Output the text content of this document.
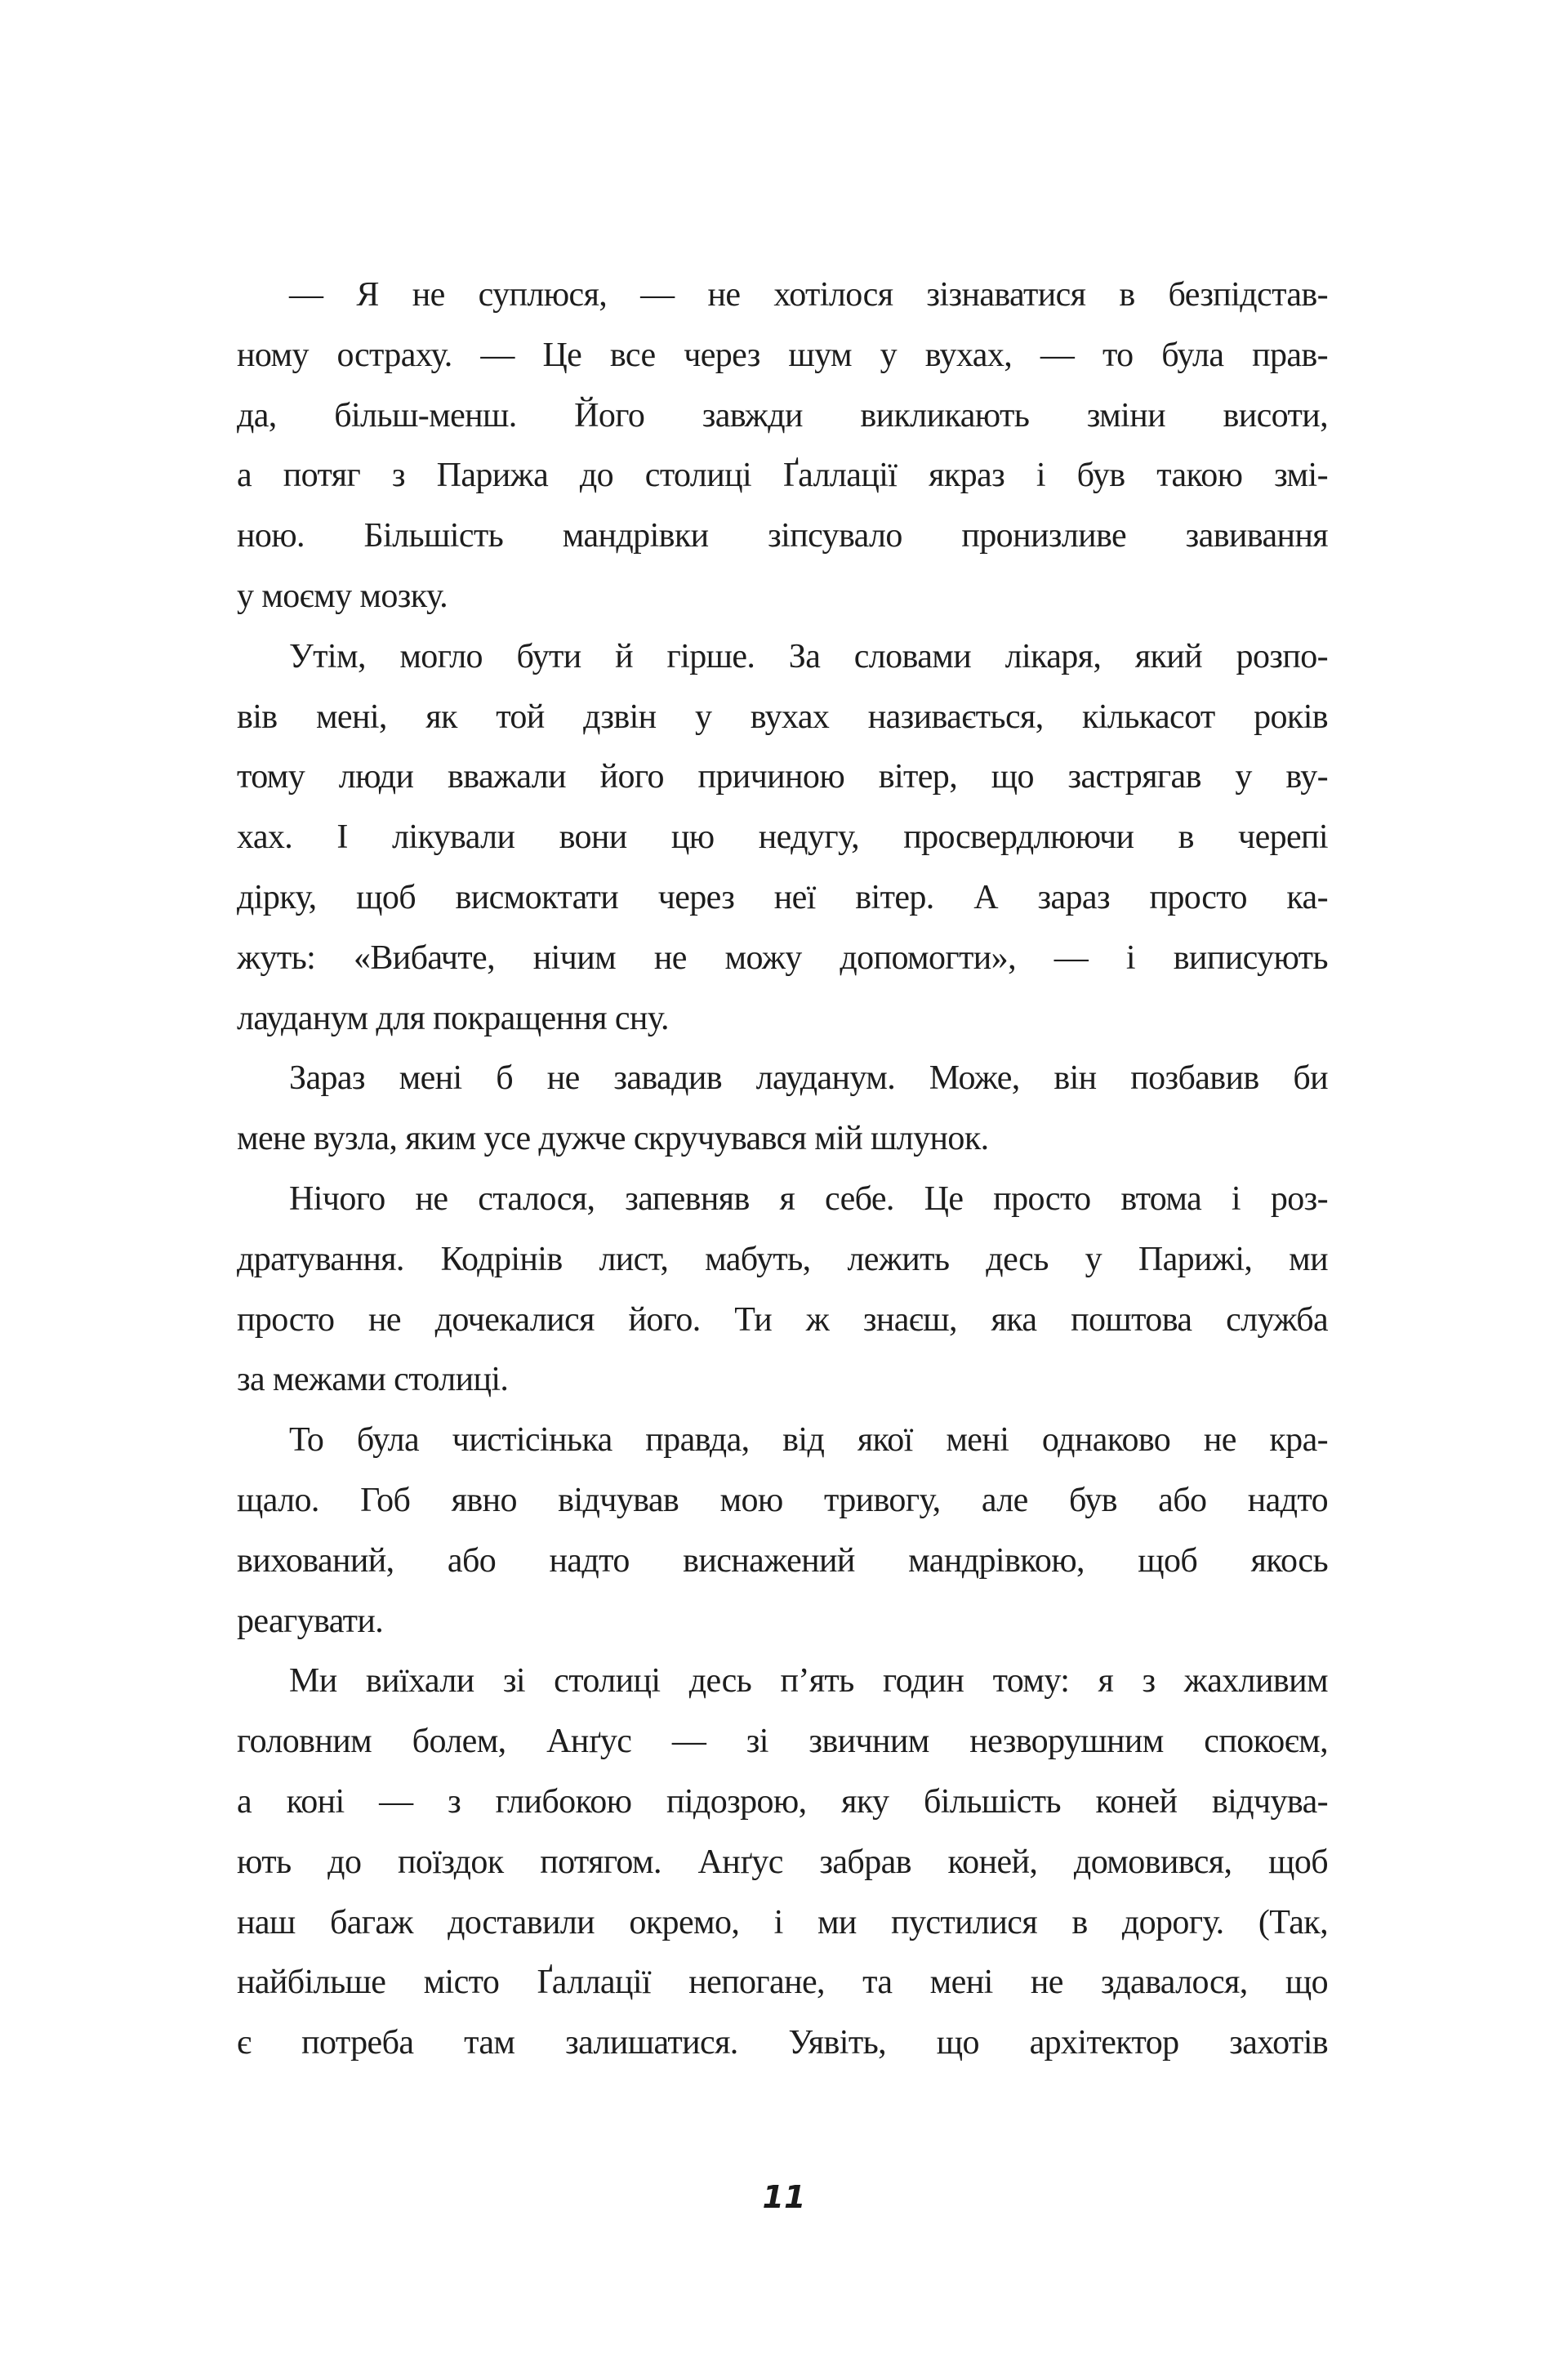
— Я не суплюся, — не хотілося зізнаватися в безпідстав-
ному остраху. — Це все через шум у вухах, — то була прав-
да, більш-менш. Його завжди викликають зміни висоти,
а потяг з Парижа до столиці Ґаллації якраз і був такою змі-
ною. Більшість мандрівки зіпсувало пронизливе завивання
у моєму мозку.
Утім, могло бути й гірше. За словами лікаря, який розпо-
вів мені, як той дзвін у вухах називається, кількасот років
тому люди вважали його причиною вітер, що застрягав у ву-
хах. І лікували вони цю недугу, просвердлюючи в черепі
дірку, щоб висмоктати через неї вітер. А зараз просто ка-
жуть: «Вибачте, нічим не можу допомогти», — і виписують
лауданум для покращення сну.
Зараз мені б не завадив лауданум. Може, він позбавив би
мене вузла, яким усе дужче скручувався мій шлунок.
Нічого не сталося, запевняв я себе. Це просто втома і роз-
дратування. Кодрінів лист, мабуть, лежить десь у Парижі, ми
просто не дочекалися його. Ти ж знаєш, яка поштова служба
за межами столиці.
То була чистісінька правда, від якої мені однаково не кра-
щало. Гоб явно відчував мою тривогу, але був або надто
вихований, або надто виснажений мандрівкою, щоб якось
реагувати.
Ми виїхали зі столиці десь п’ять годин тому: я з жахливим
головним болем, Анґус — зі звичним незворушним спокоєм,
а коні — з глибокою підозрою, яку більшість коней відчува-
ють до поїздок потягом. Анґус забрав коней, домовився, щоб
наш багаж доставили окремо, і ми пустилися в дорогу. (Так,
найбільше місто Ґаллації непогане, та мені не здавалося, що
є потреба там залишатися. Уявіть, що архітектор захотів
11
